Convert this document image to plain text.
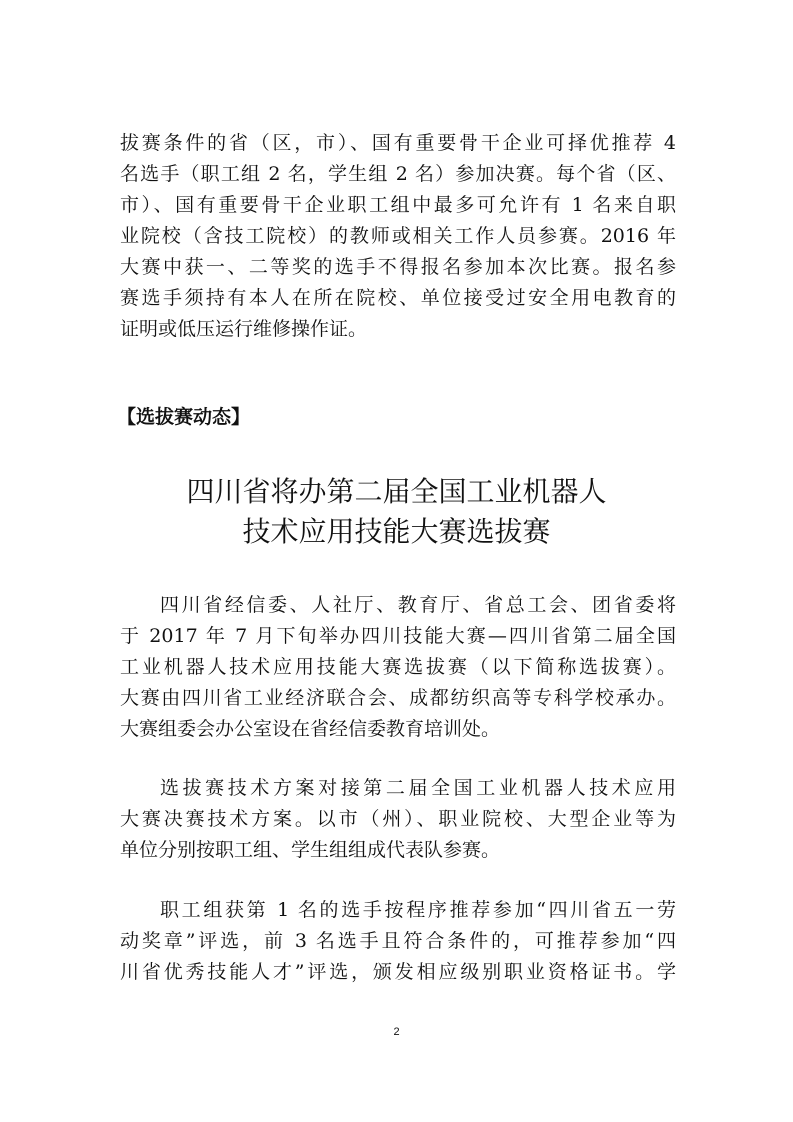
拔赛条件的省（区，市）、国有重要骨干企业可择优推荐 4
名选手（职工组 2 名，学生组 2 名）参加决赛。每个省（区、
市）、国有重要骨干企业职工组中最多可允许有 1 名来自职
业院校（含技工院校）的教师或相关工作人员参赛。2016 年
大赛中获一、二等奖的选手不得报名参加本次比赛。报名参
赛选手须持有本人在所在院校、单位接受过安全用电教育的
证明或低压运行维修操作证。
【选拔赛动态】
四川省将办第二届全国工业机器人
技术应用技能大赛选拔赛
四川省经信委、人社厅、教育厅、省总工会、团省委将
于 2017 年 7 月下旬举办四川技能大赛—四川省第二届全国
工业机器人技术应用技能大赛选拔赛（以下简称选拔赛）。
大赛由四川省工业经济联合会、成都纺织高等专科学校承办。
大赛组委会办公室设在省经信委教育培训处。
选拔赛技术方案对接第二届全国工业机器人技术应用
大赛决赛技术方案。以市（州）、职业院校、大型企业等为
单位分别按职工组、学生组组成代表队参赛。
职工组获第 1 名的选手按程序推荐参加“四川省五一劳
动奖章”评选，前 3 名选手且符合条件的，可推荐参加“四
川省优秀技能人才”评选，颁发相应级别职业资格证书。学
2
